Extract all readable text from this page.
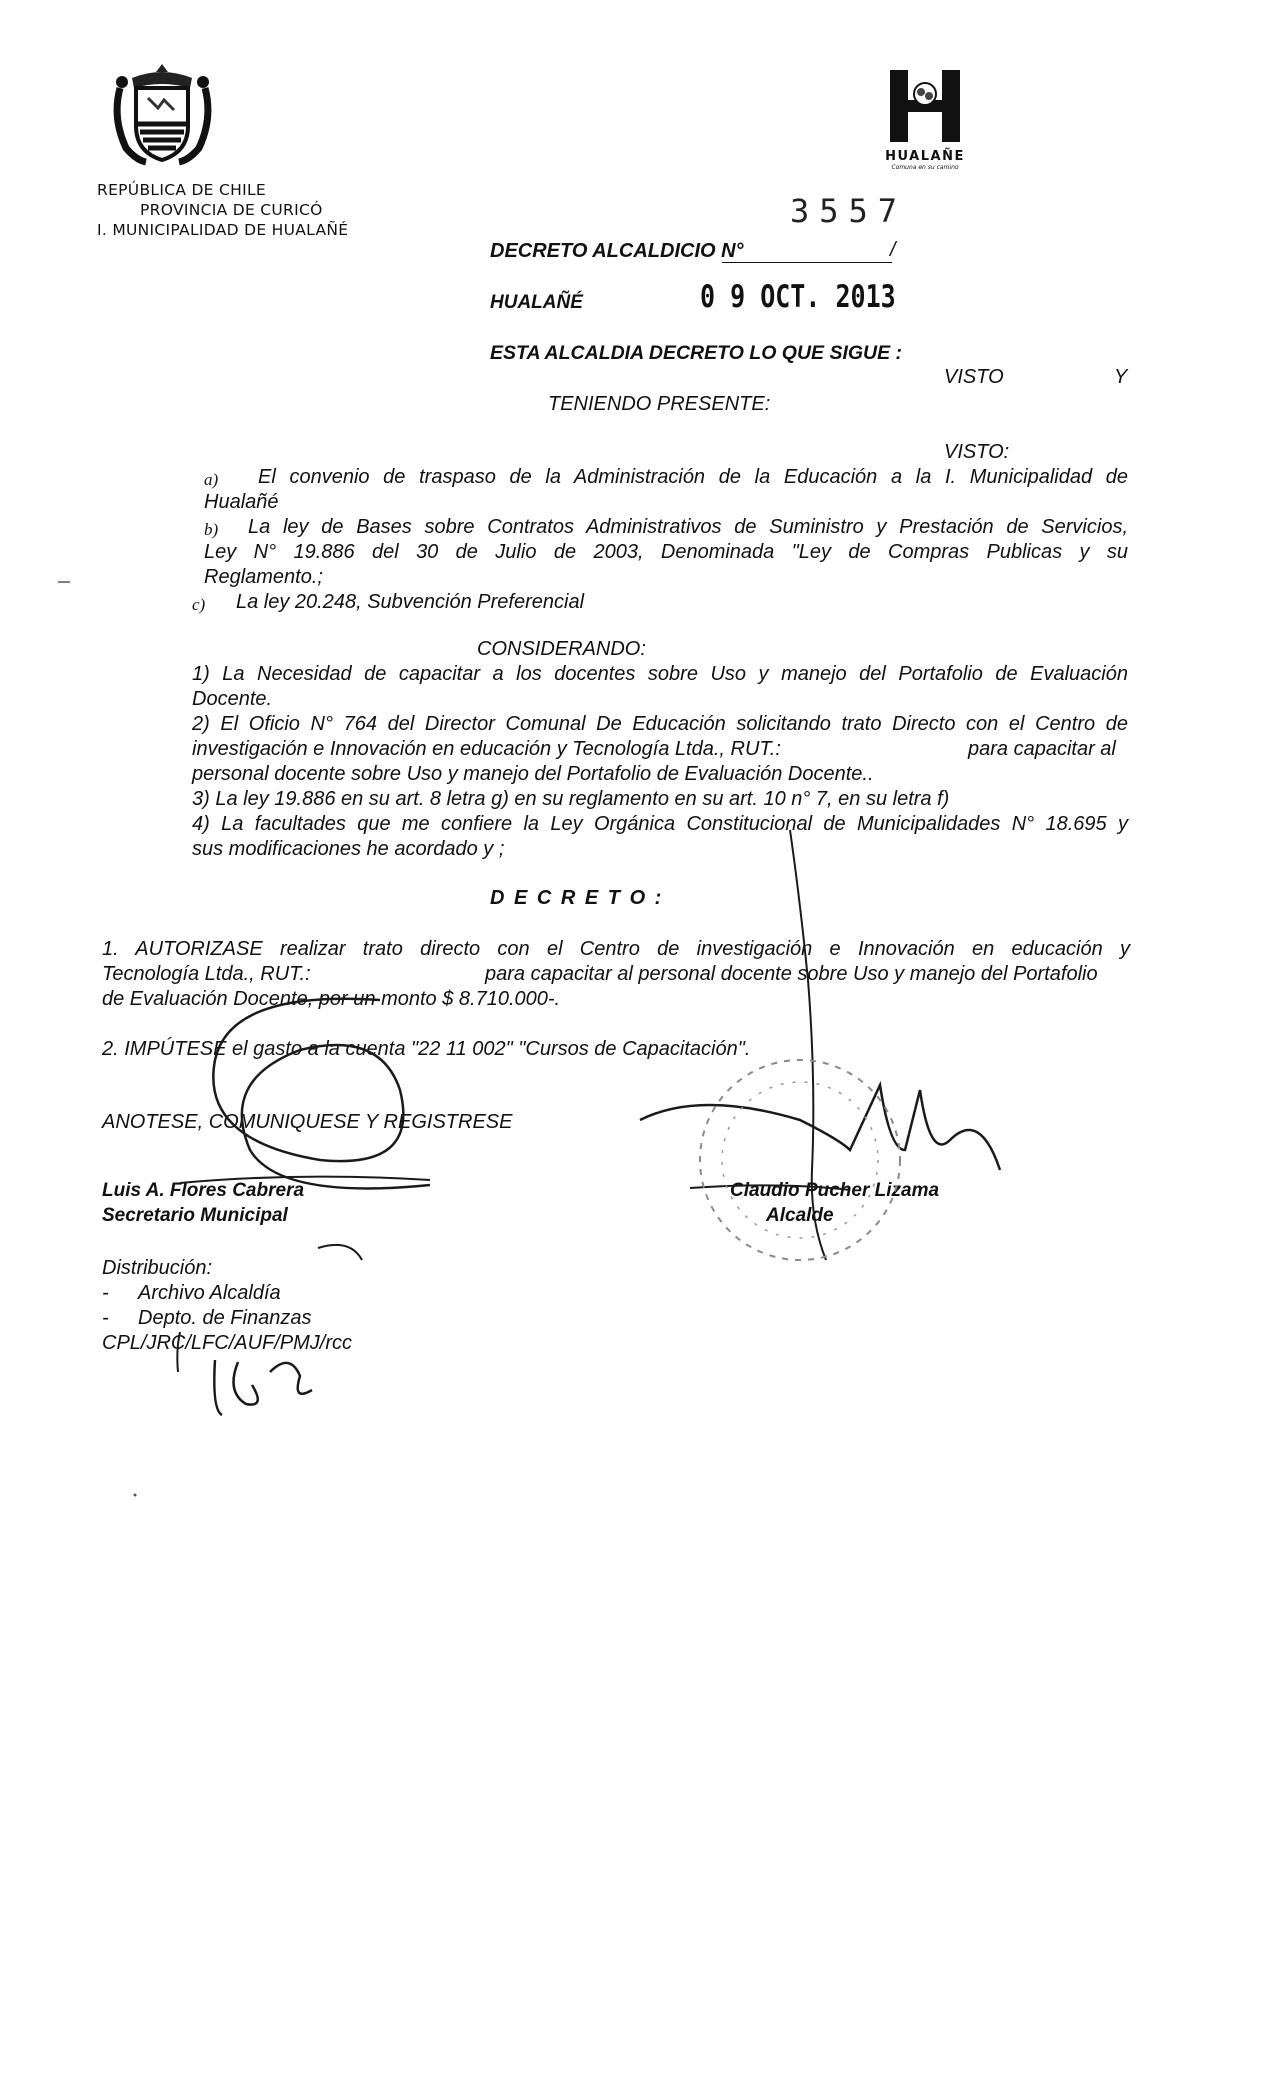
HUALAÑE
Comuna en su camino
REPÚBLICA DE CHILE
PROVINCIA DE CURICÓ
I. MUNICIPALIDAD DE HUALAÑÉ	3557
DECRETO ALCALDICIO N°	/
HUALAÑÉ	0 9 OCT. 2013
ESTA ALCALDIA DECRETO LO QUE SIGUE :
VISTO	Y
TENIENDO PRESENTE:
VISTO:
a) El convenio de traspaso de la Administración de la Educación a la I. Municipalidad de
Hualañé
b) La ley de Bases sobre Contratos Administrativos de Suministro y Prestación de Servicios,
Ley N° 19.886 del 30 de Julio de 2003, Denominada "Ley de Compras Publicas y su
Reglamento.;
c) La ley 20.248, Subvención Preferencial
CONSIDERANDO:
1) La Necesidad de capacitar a los docentes sobre Uso y manejo del Portafolio de Evaluación
Docente.
2) El Oficio N° 764 del Director Comunal De Educación solicitando trato Directo con el Centro de
investigación e Innovación en educación y Tecnología Ltda., RUT.:	para capacitar al
personal docente sobre Uso y manejo del Portafolio de Evaluación Docente..
3) La ley 19.886 en su art. 8 letra g) en su reglamento en su art. 10 n° 7, en su letra f)
4) La facultades que me confiere la Ley Orgánica Constitucional de Municipalidades N° 18.695 y
sus modificaciones he acordado y ;
D E C R E T O :
1. AUTORIZASE realizar trato directo con el Centro de investigación e Innovación en educación y
Tecnología Ltda., RUT.:	para capacitar al personal docente sobre Uso y manejo del Portafolio
de Evaluación Docente, por un monto $ 8.710.000-.
2. IMPÚTESE el gasto a la cuenta "22 11 002" "Cursos de Capacitación".
ANOTESE, COMUNIQUESE Y REGISTRESE
Luis A. Flores Cabrera
Secretario Municipal
Claudio Pucher Lizama
Alcalde
Distribución:
- Archivo Alcaldía
- Depto. de Finanzas
CPL/JRC/LFC/AUF/PMJ/rcc
